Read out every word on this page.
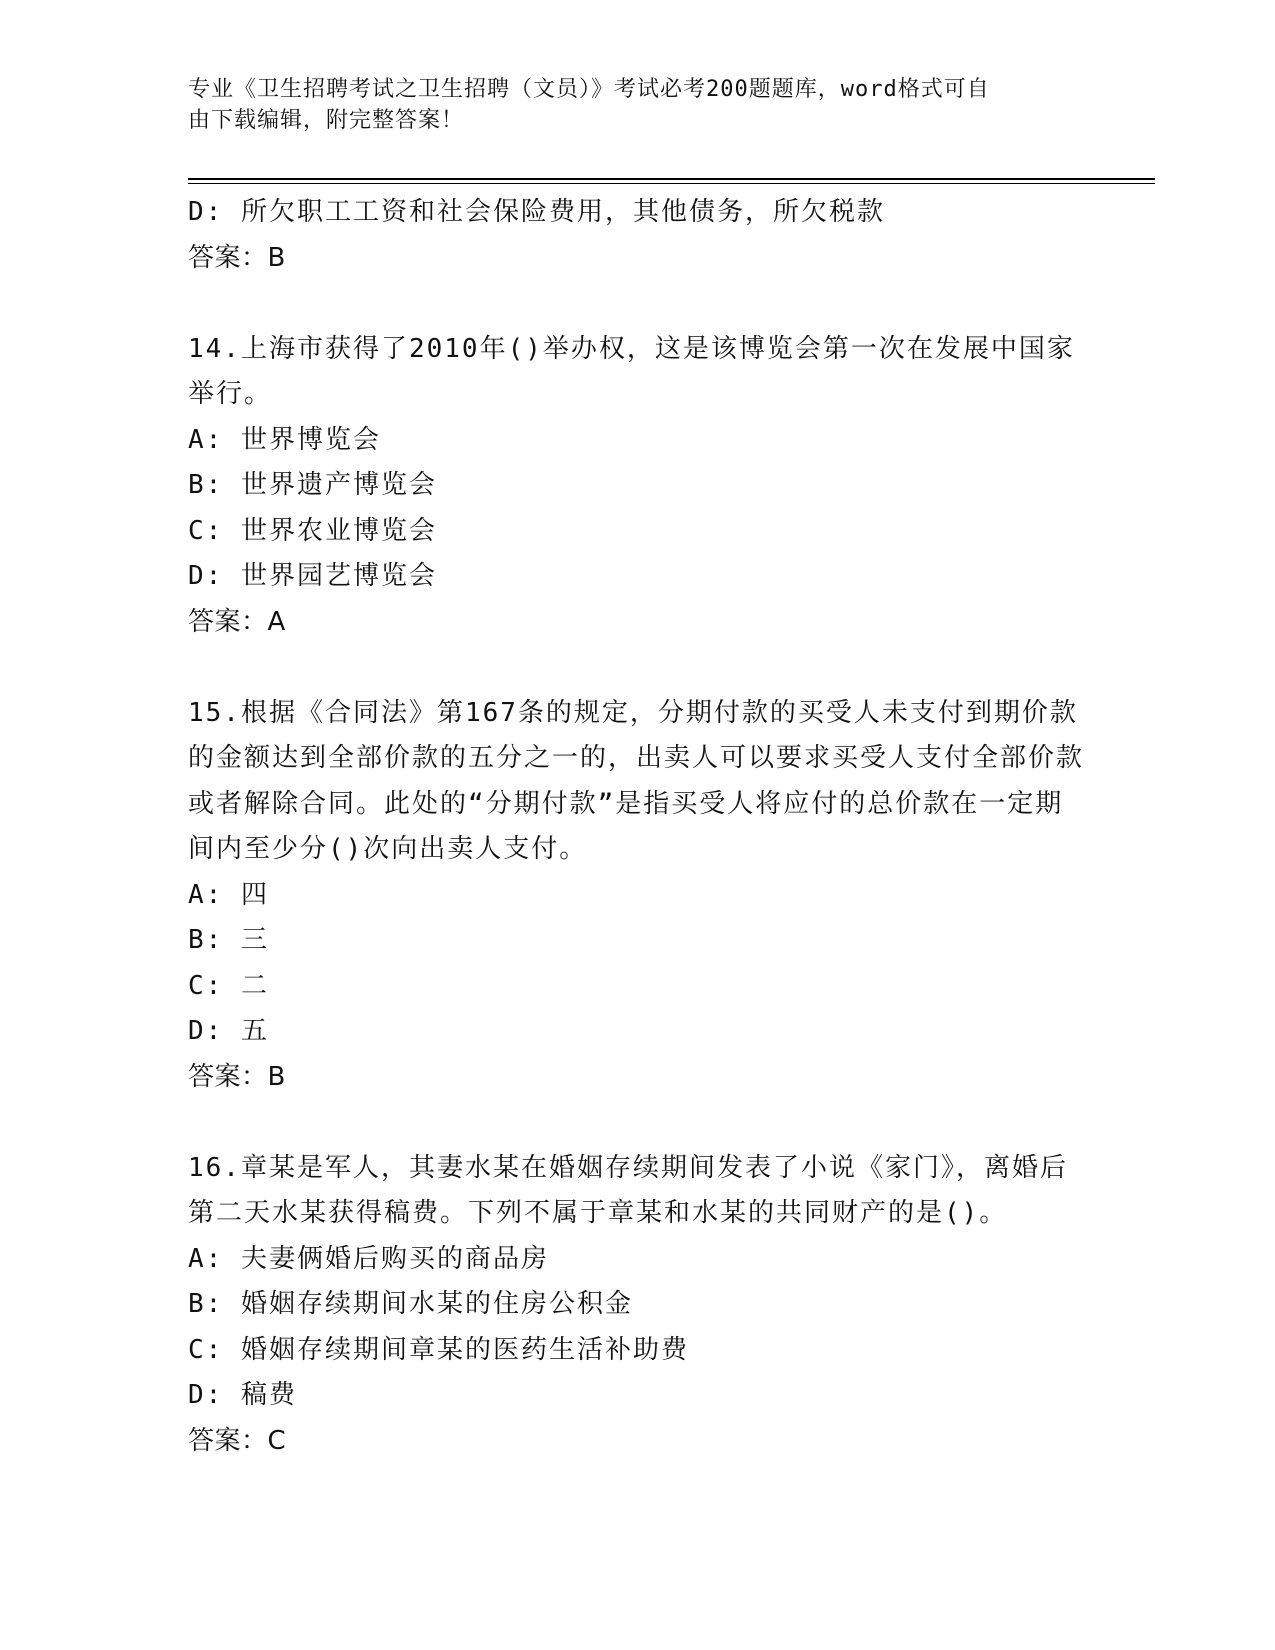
专业《卫生招聘考试之卫生招聘（文员）》考试必考200题题库，word格式可自
由下载编辑，附完整答案！
D: 所欠职工工资和社会保险费用，其他债务，所欠税款
答案：B
14.上海市获得了2010年()举办权，这是该博览会第一次在发展中国家举行。
A: 世界博览会
B: 世界遗产博览会
C: 世界农业博览会
D: 世界园艺博览会
答案：A
15.根据《合同法》第167条的规定，分期付款的买受人未支付到期价款的金额达到全部价款的五分之一的，出卖人可以要求买受人支付全部价款或者解除合同。此处的“分期付款”是指买受人将应付的总价款在一定期间内至少分()次向出卖人支付。
A: 四
B: 三
C: 二
D: 五
答案：B
16.章某是军人，其妻水某在婚姻存续期间发表了小说《家门》，离婚后第二天水某获得稿费。下列不属于章某和水某的共同财产的是()。
A: 夫妻俩婚后购买的商品房
B: 婚姻存续期间水某的住房公积金
C: 婚姻存续期间章某的医药生活补助费
D: 稿费
答案：C
